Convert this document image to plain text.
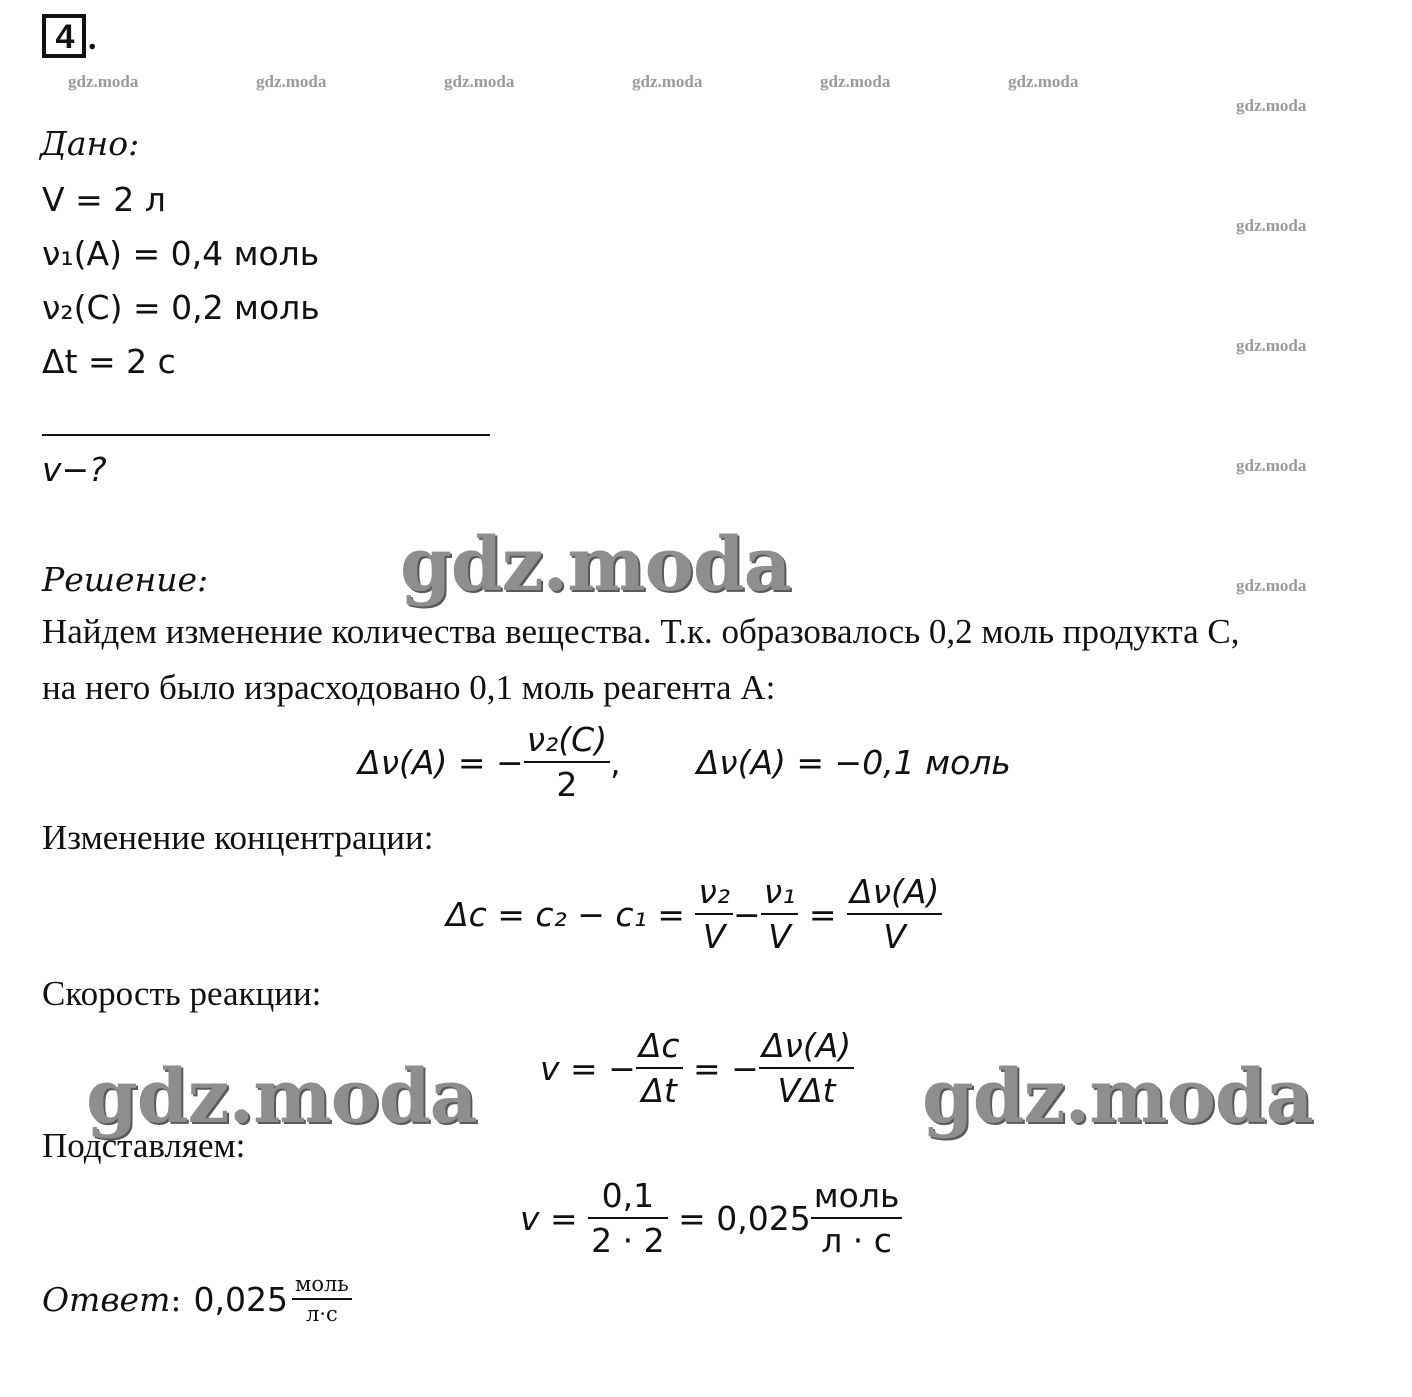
4 .
gdz.moda	gdz.moda	gdz.moda	gdz.moda	gdz.moda	gdz.moda
gdz.moda
gdz.moda
gdz.moda
gdz.moda
gdz.moda
Дано:
V = 2 л
ν₁(A) = 0,4 моль
ν₂(C) = 0,2 моль
Δt = 2 с
v−?
gdz.moda
gdz.moda	gdz.moda
Решение:
Найдем изменение количества вещества. Т.к. образовалось 0,2 моль продукта С,
на него было израсходовано 0,1 моль реагента А:
Δν(A) = − $\frac{\text{ν₂(C)}}{2}$ , Δν(A) = −0,1 моль
Изменение концентрации:
Δc = c₂ − c₁ =
$\frac{\text{ν₂}}{V} - \frac{\text{ν₁}}{V}$
=
$\frac{\Delta\nu(A)}{V}$
Скорость реакции:
v = − $\frac{\Delta c}{\Delta t}$
= − $\frac{\Delta\nu(A)}{\text{VΔt}}$
Подставляем:
v =
$\frac{0,1}{2 \cdot 2}$
= $0,025 \frac{\text{моль}}{л \cdot с}$
Ответ : $0,025 \frac{\text{моль}}{л\cdot с}$
